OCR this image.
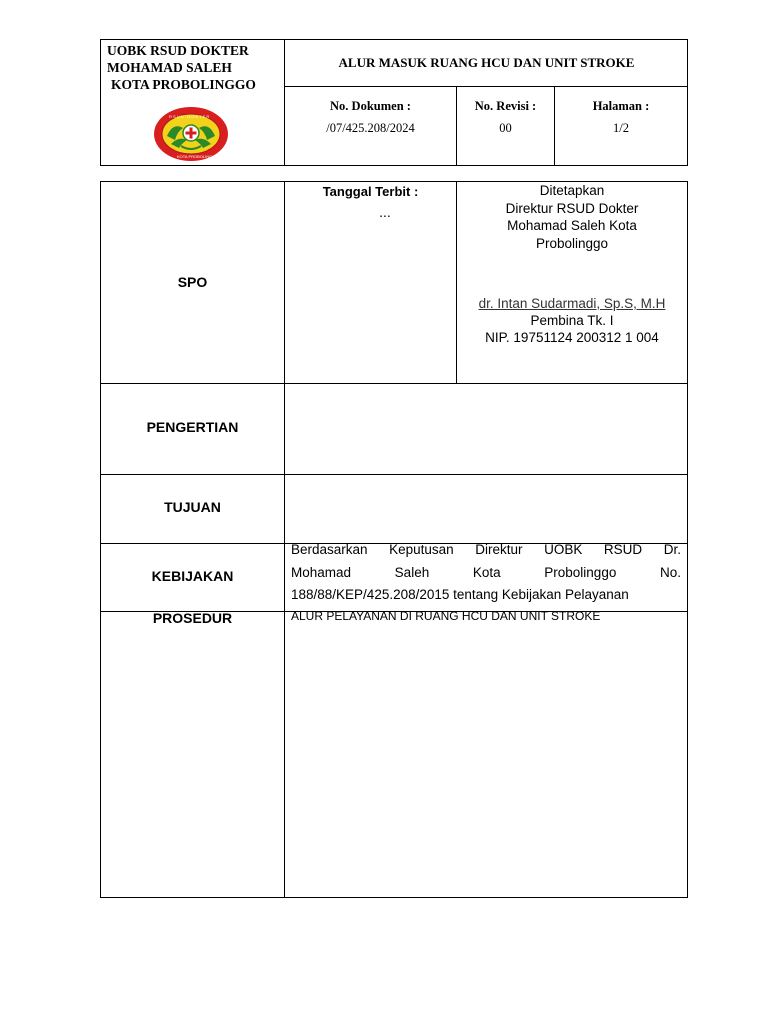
UOBK RSUD DOKTER
MOHAMAD SALEH
KOTA PROBOLINGGO
R S U D · D O K T E R
KOTA PROBOLINGGO
ALUR MASUK RUANG HCU DAN UNIT STROKE
No. Dokumen :
/07/425.208/2024
No. Revisi :
00
Halaman :
1/2
SPO
Tanggal Terbit :
...
Ditetapkan
Direktur RSUD Dokter
Mohamad Saleh Kota
Probolinggo
dr. Intan Sudarmadi, Sp.S, M.H
Pembina Tk. I
NIP. 19751124 200312 1 004
PENGERTIAN
TUJUAN
KEBIJAKAN
Berdasarkan Keputusan Direktur UOBK RSUD Dr.
Mohamad Saleh Kota Probolinggo No.
188/88/KEP/425.208/2015 tentang Kebijakan Pelayanan
PROSEDUR	ALUR PELAYANAN DI RUANG HCU DAN UNIT STROKE
